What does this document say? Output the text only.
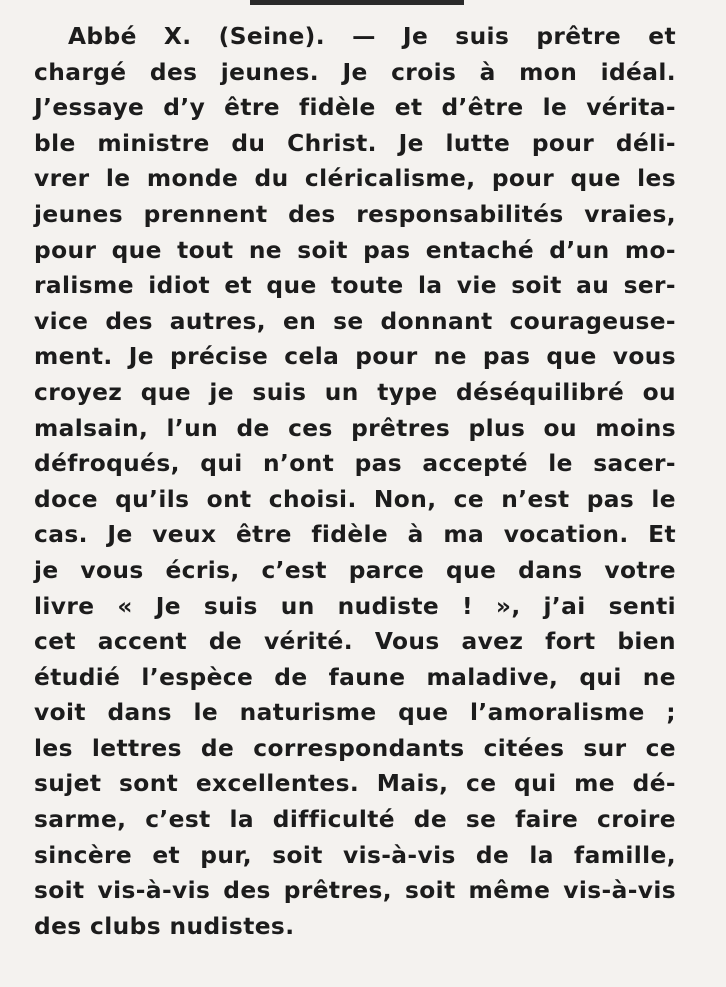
Abbé X. (Seine). — Je suis prêtre et
chargé des jeunes. Je crois à mon idéal.
J’essaye d’y être fidèle et d’être le vérita-
ble ministre du Christ. Je lutte pour déli-
vrer le monde du cléricalisme, pour que les
jeunes prennent des responsabilités vraies,
pour que tout ne soit pas entaché d’un mo-
ralisme idiot et que toute la vie soit au ser-
vice des autres, en se donnant courageuse-
ment. Je précise cela pour ne pas que vous
croyez que je suis un type déséquilibré ou
malsain, l’un de ces prêtres plus ou moins
défroqués, qui n’ont pas accepté le sacer-
doce qu’ils ont choisi. Non, ce n’est pas le
cas. Je veux être fidèle à ma vocation. Et
je vous écris, c’est parce que dans votre
livre « Je suis un nudiste ! », j’ai senti
cet accent de vérité. Vous avez fort bien
étudié l’espèce de faune maladive, qui ne
voit dans le naturisme que l’amoralisme ;
les lettres de correspondants citées sur ce
sujet sont excellentes. Mais, ce qui me dé-
sarme, c’est la difficulté de se faire croire
sincère et pur, soit vis-à-vis de la famille,
soit vis-à-vis des prêtres, soit même vis-à-vis
des clubs nudistes.
